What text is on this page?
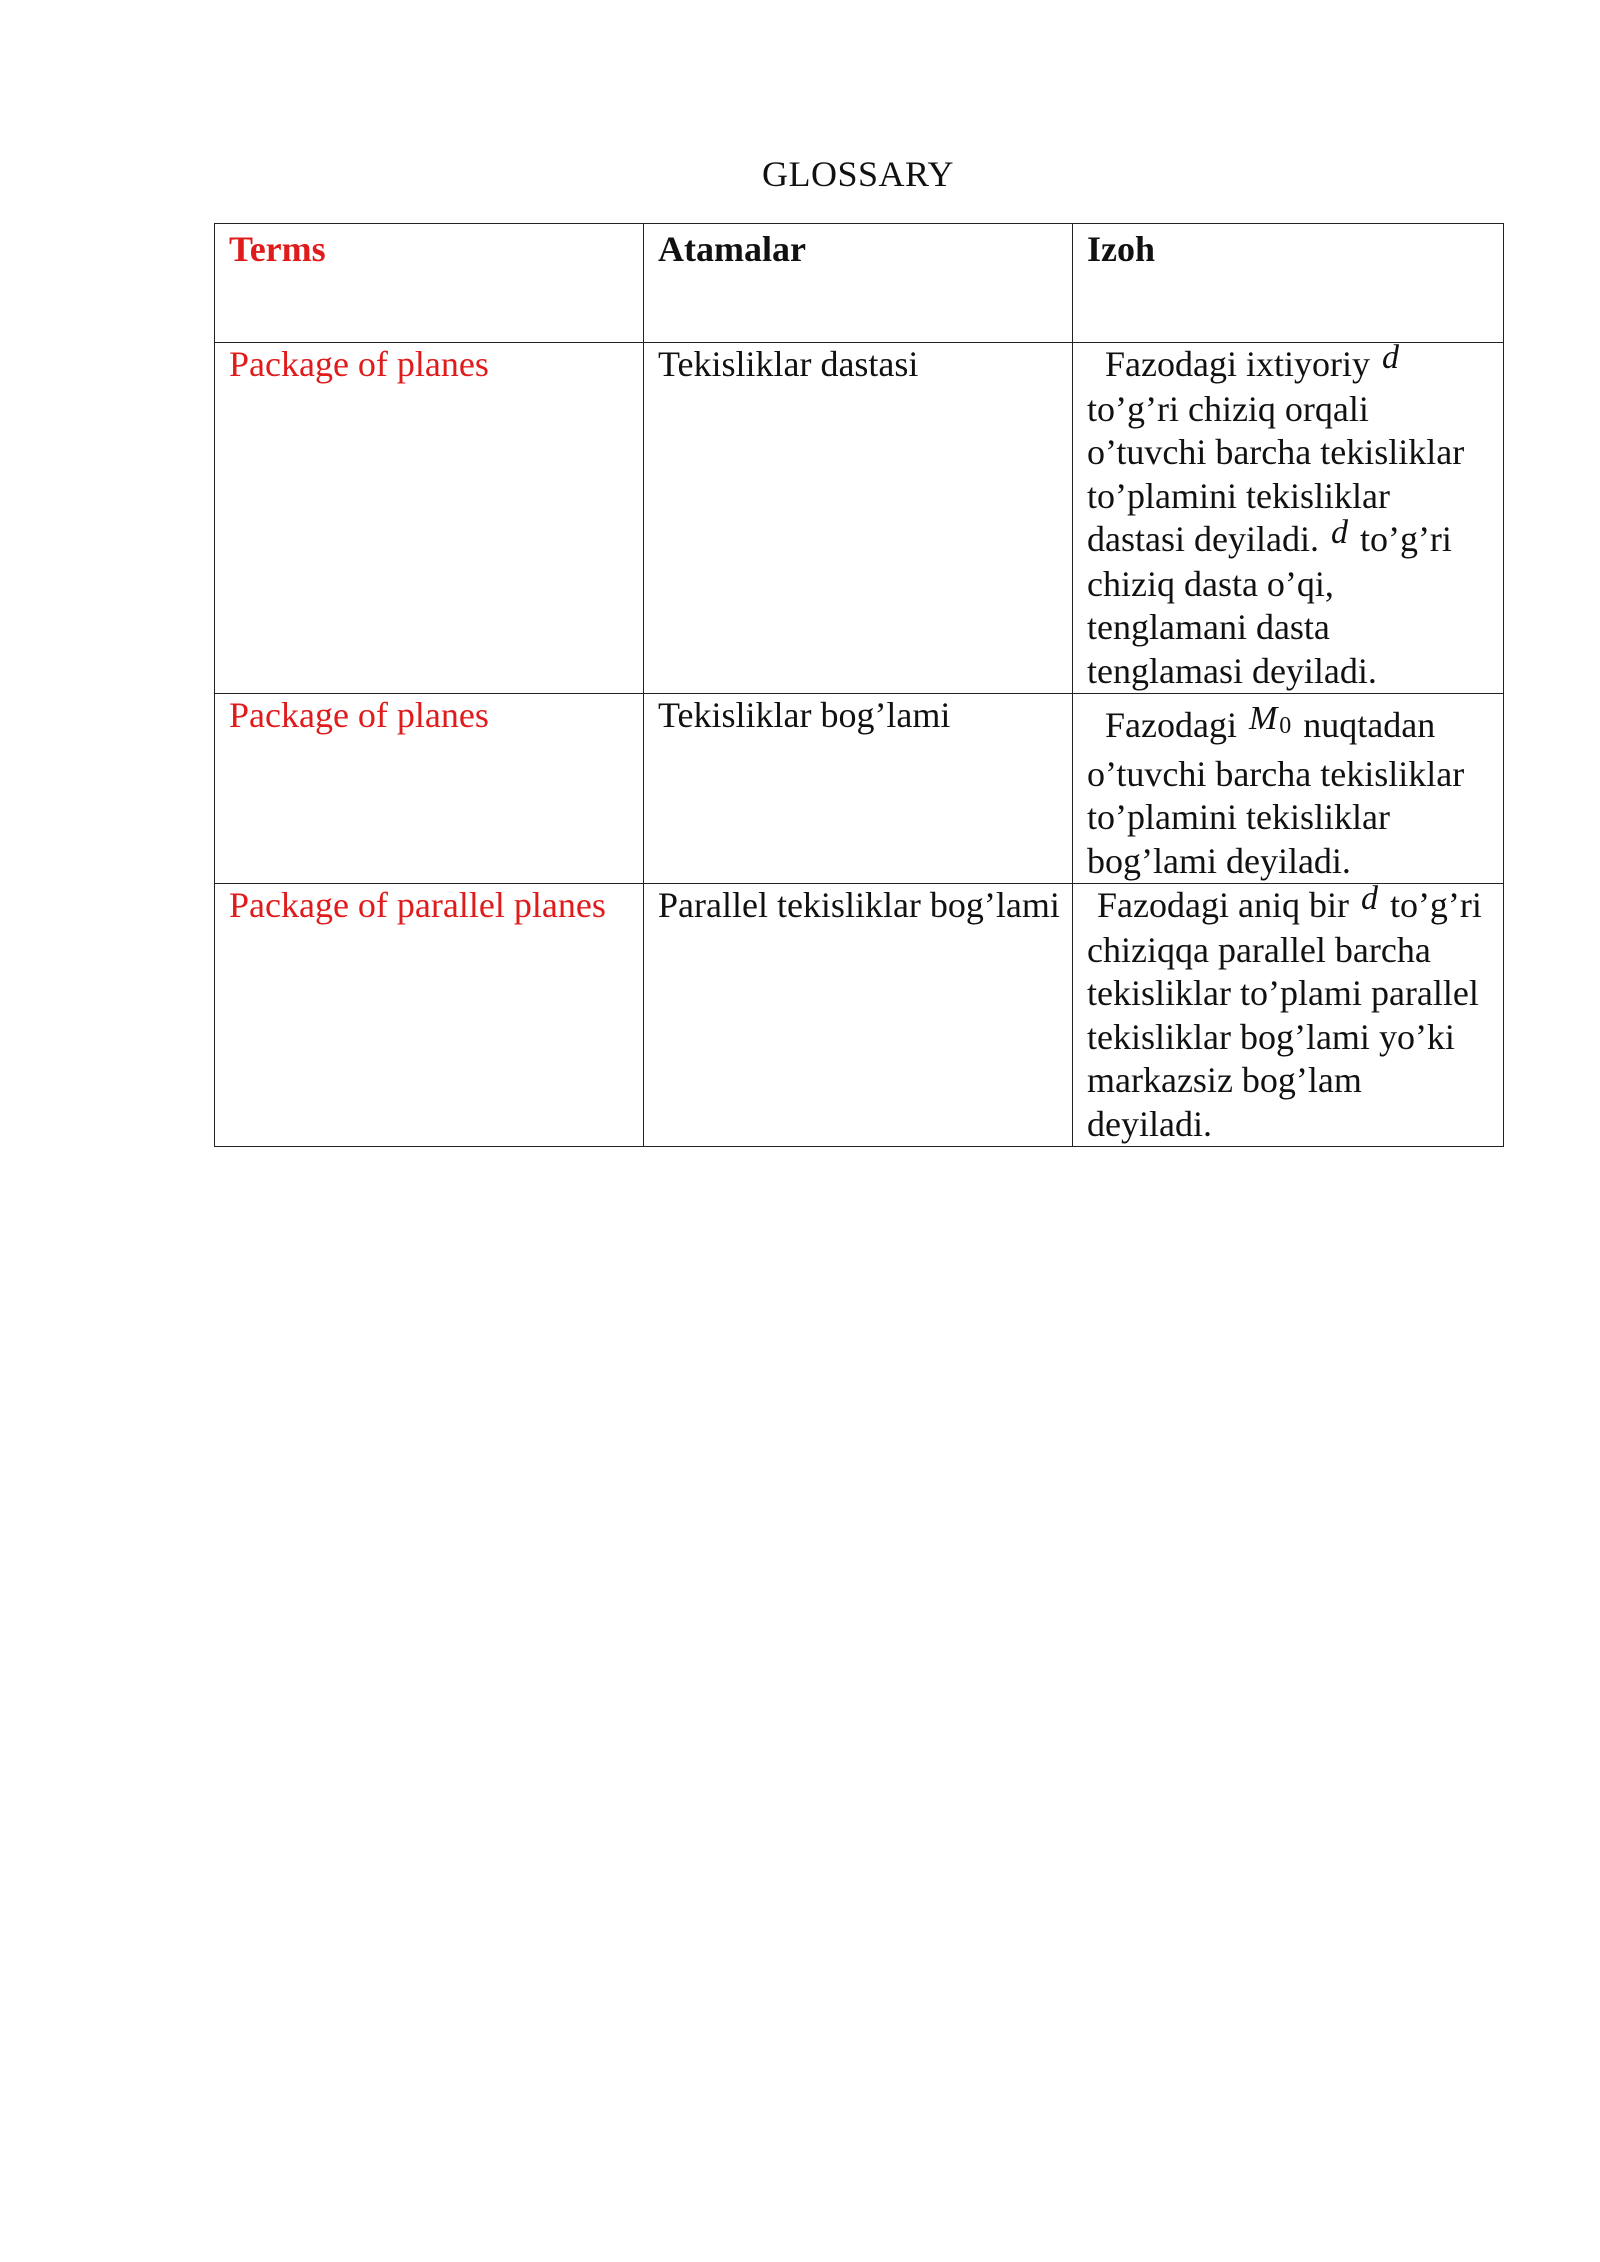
GLOSSARY
Terms	Atamalar	Izoh
Package of planes	Tekisliklar dastasi	Fazodagi ixtiyoriy d to’g’ri chiziq orqali o’tuvchi barcha tekisliklar to’plamini tekisliklar dastasi deyiladi. d to’g’ri chiziq dasta o’qi, tenglamani dasta tenglamasi deyiladi.
Package of planes	Tekisliklar bog’lami	Fazodagi M0 nuqtadan o’tuvchi barcha tekisliklar to’plamini tekisliklar bog’lami deyiladi.
Package of parallel planes	Parallel tekisliklar bog’lami	Fazodagi aniq bir d to’g’ri chiziqqa parallel barcha tekisliklar to’plami parallel tekisliklar bog’lami yo’ki markazsiz bog’lam deyiladi.
